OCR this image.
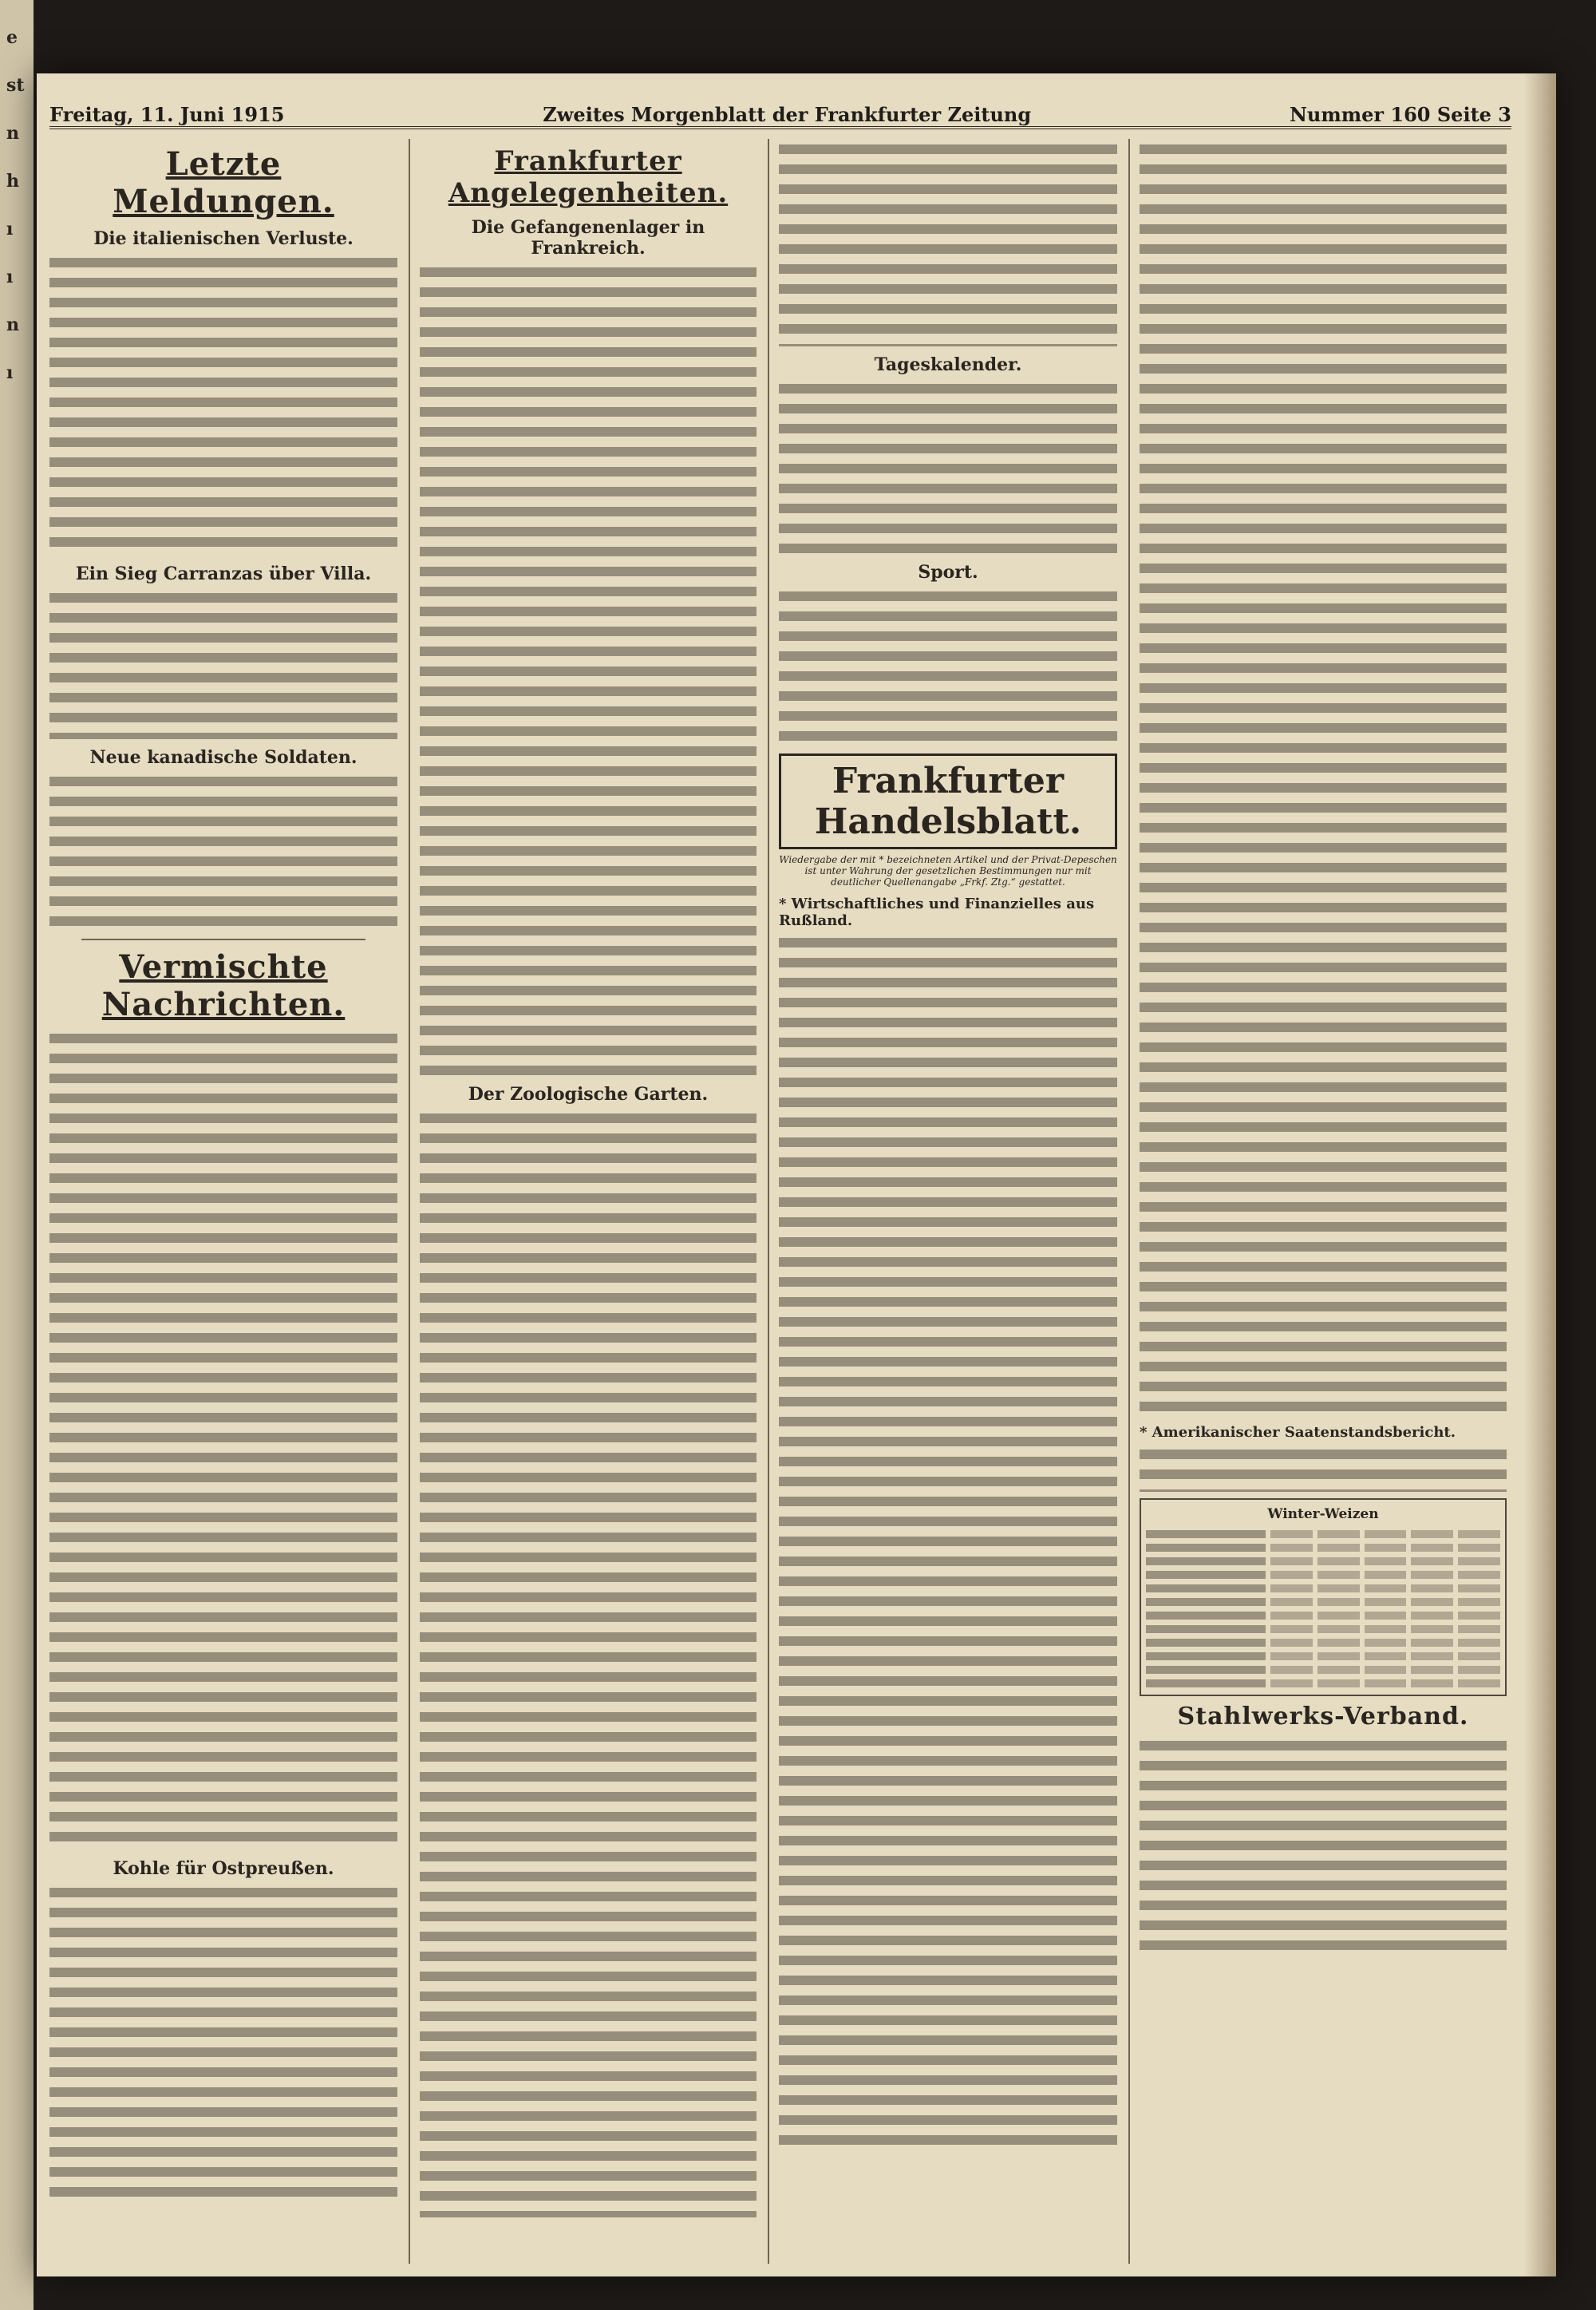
e
st
n
h
ı
ı
n
ı
Freitag, 11. Juni 1915	Zweites Morgenblatt der Frankfurter Zeitung	Nummer 160 Seite 3
Letzte Meldungen.
Die italienischen Verluste.
Ein Sieg Carranzas über Villa.
Neue kanadische Soldaten.
Vermischte Nachrichten.
Kohle für Ostpreußen.
Frankfurter Angelegenheiten.
Die Gefangenenlager in Frankreich.
Der Zoologische Garten.
Tageskalender.
Sport.
Frankfurter Handelsblatt.
Wiedergabe der mit * bezeichneten Artikel und der Privat-Depeschen ist unter Wahrung der gesetzlichen Bestimmungen nur mit deutlicher Quellenangabe „Frkf. Ztg.“ gestattet.
* Wirtschaftliches und Finanzielles aus Rußland.
* Amerikanischer Saatenstandsbericht.
Winter-Weizen
Stahlwerks-Verband.
